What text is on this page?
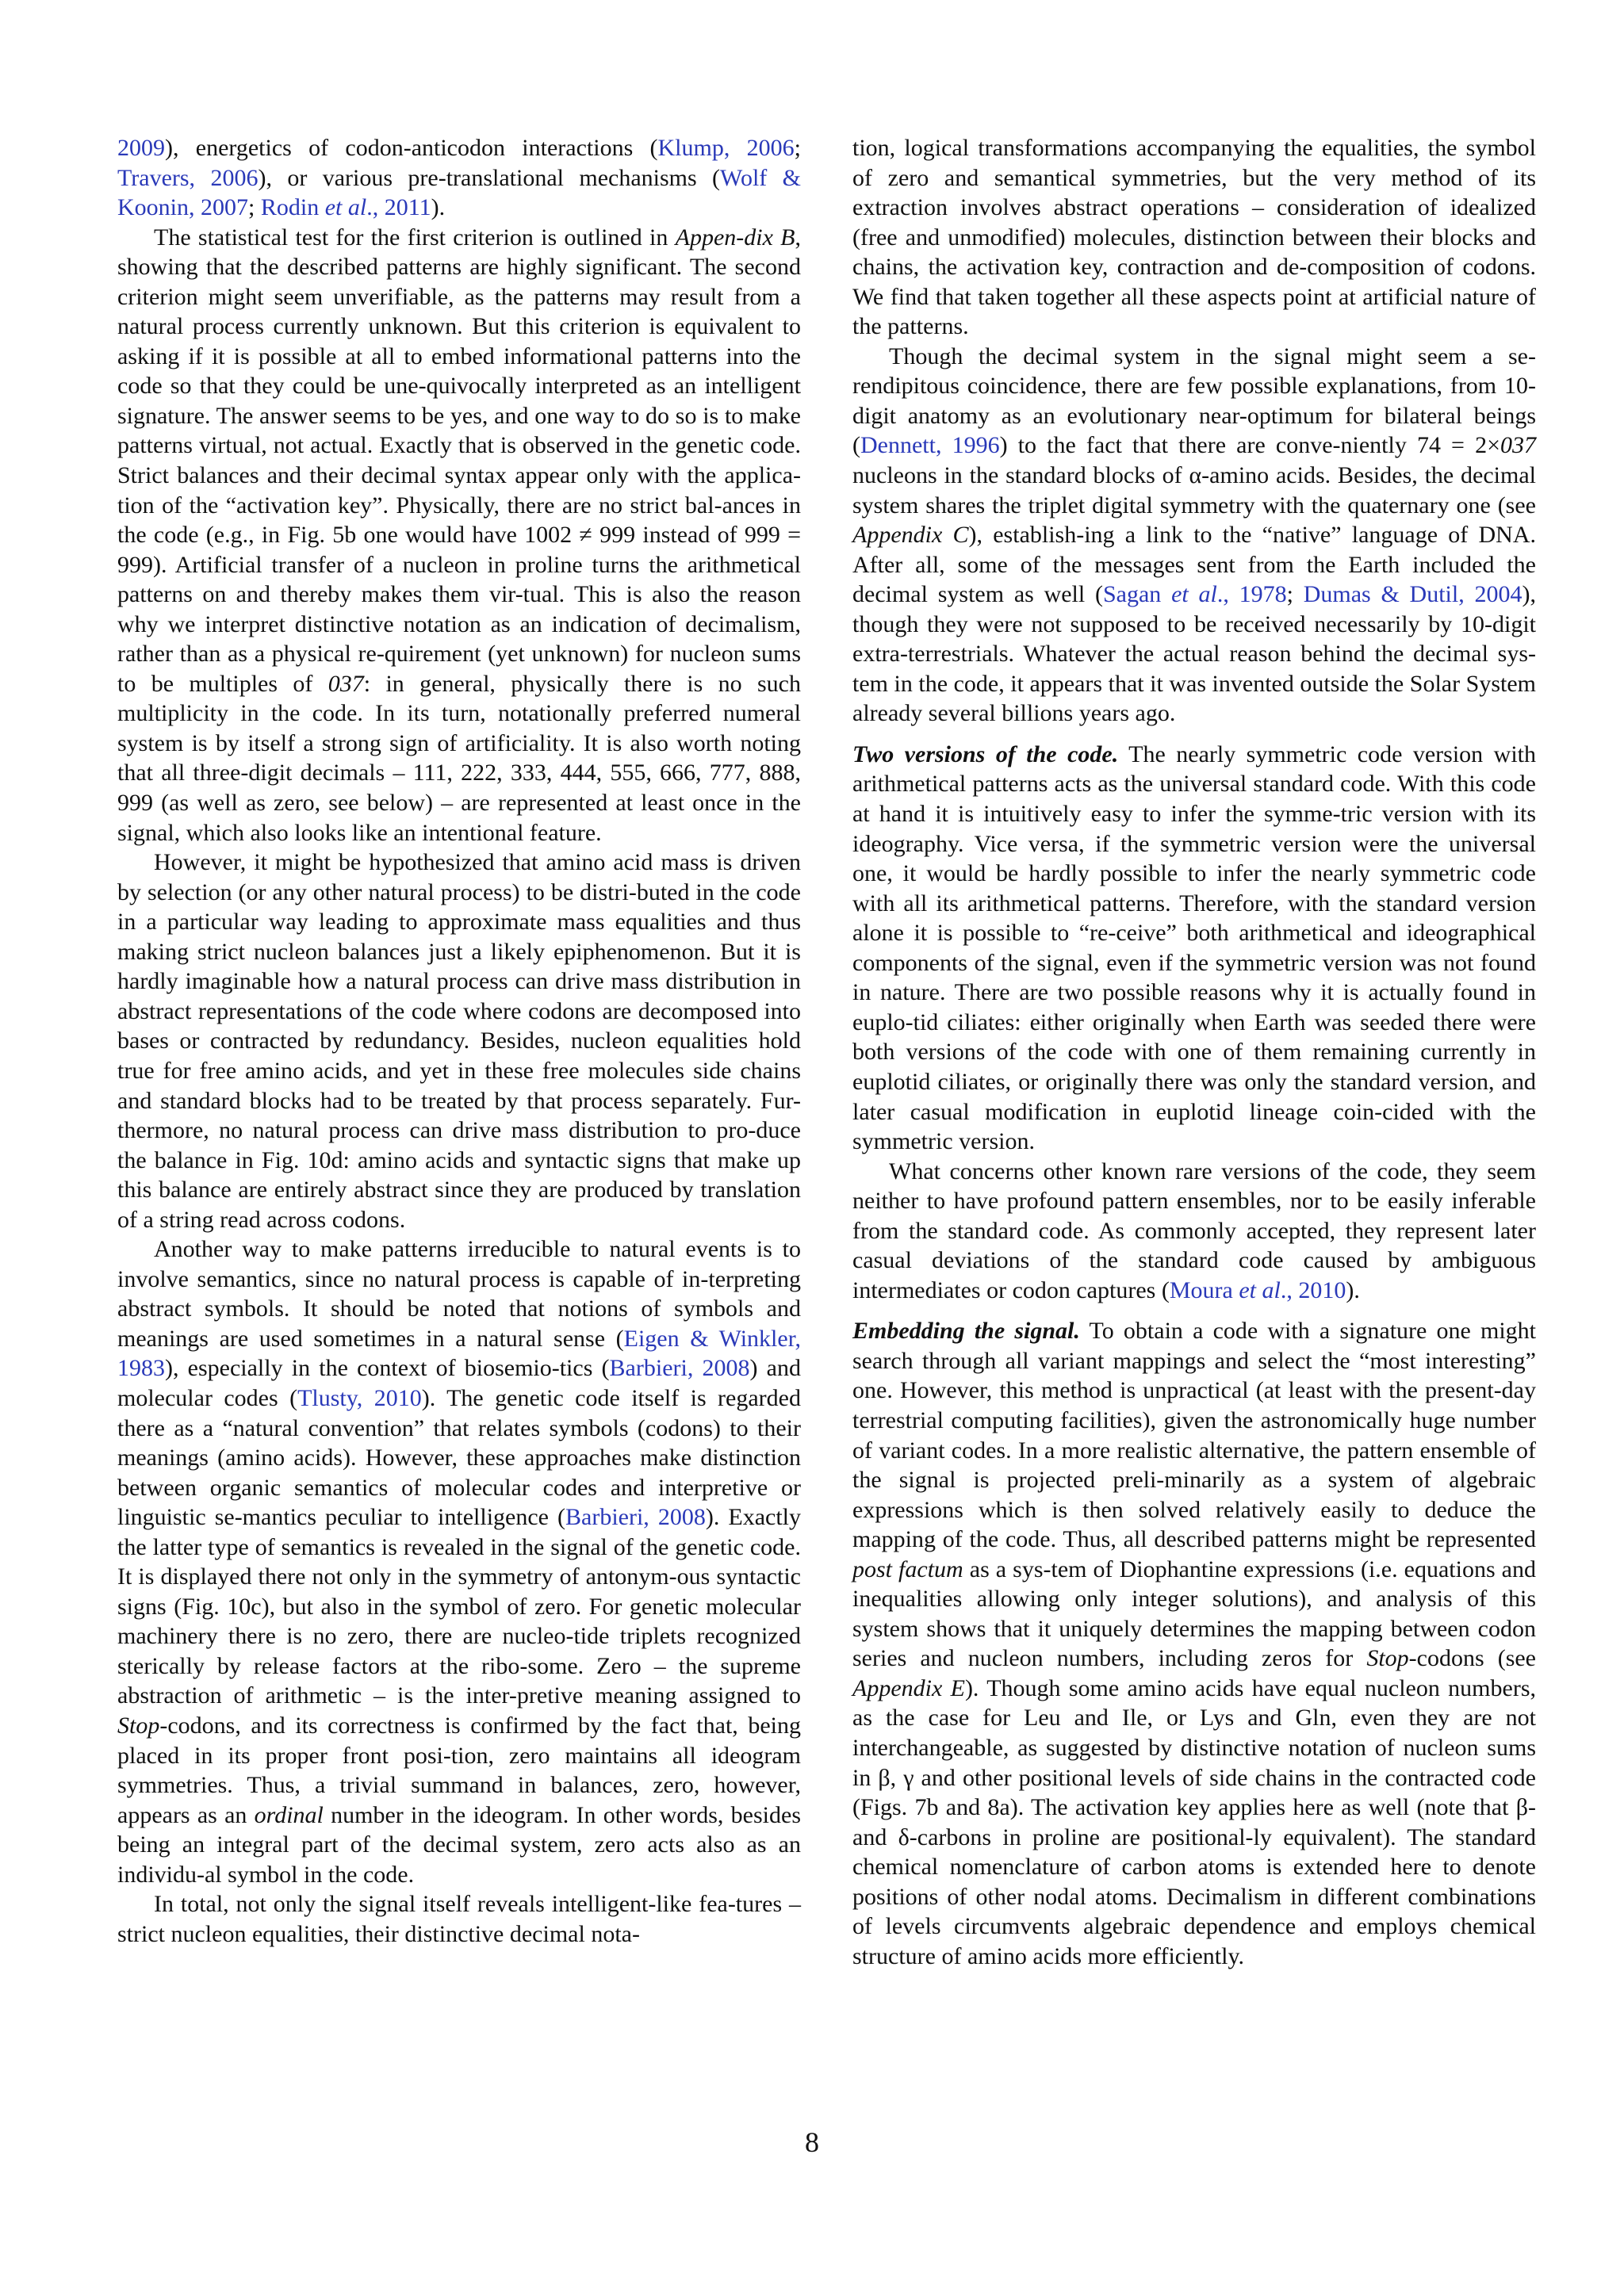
2009), energetics of codon-anticodon interactions (Klump, 2006; Travers, 2006), or various pre-translational mechanisms (Wolf & Koonin, 2007; Rodin et al., 2011).

The statistical test for the first criterion is outlined in Appen-dix B, showing that the described patterns are highly significant. The second criterion might seem unverifiable, as the patterns may result from a natural process currently unknown. But this criterion is equivalent to asking if it is possible at all to embed informational patterns into the code so that they could be une-quivocally interpreted as an intelligent signature. The answer seems to be yes, and one way to do so is to make patterns virtual, not actual. Exactly that is observed in the genetic code. Strict balances and their decimal syntax appear only with the applica-tion of the “activation key”. Physically, there are no strict bal-ances in the code (e.g., in Fig. 5b one would have 1002 ≠ 999 instead of 999 = 999). Artificial transfer of a nucleon in proline turns the arithmetical patterns on and thereby makes them vir-tual. This is also the reason why we interpret distinctive notation as an indication of decimalism, rather than as a physical re-quirement (yet unknown) for nucleon sums to be multiples of 037: in general, physically there is no such multiplicity in the code. In its turn, notationally preferred numeral system is by itself a strong sign of artificiality. It is also worth noting that all three-digit decimals – 111, 222, 333, 444, 555, 666, 777, 888, 999 (as well as zero, see below) – are represented at least once in the signal, which also looks like an intentional feature.

However, it might be hypothesized that amino acid mass is driven by selection (or any other natural process) to be distri-buted in the code in a particular way leading to approximate mass equalities and thus making strict nucleon balances just a likely epiphenomenon. But it is hardly imaginable how a natural process can drive mass distribution in abstract representations of the code where codons are decomposed into bases or contracted by redundancy. Besides, nucleon equalities hold true for free amino acids, and yet in these free molecules side chains and standard blocks had to be treated by that process separately. Fur-thermore, no natural process can drive mass distribution to pro-duce the balance in Fig. 10d: amino acids and syntactic signs that make up this balance are entirely abstract since they are produced by translation of a string read across codons.

Another way to make patterns irreducible to natural events is to involve semantics, since no natural process is capable of in-terpreting abstract symbols. It should be noted that notions of symbols and meanings are used sometimes in a natural sense (Eigen & Winkler, 1983), especially in the context of biosemio-tics (Barbieri, 2008) and molecular codes (Tlusty, 2010). The genetic code itself is regarded there as a “natural convention” that relates symbols (codons) to their meanings (amino acids). However, these approaches make distinction between organic semantics of molecular codes and interpretive or linguistic se-mantics peculiar to intelligence (Barbieri, 2008). Exactly the latter type of semantics is revealed in the signal of the genetic code. It is displayed there not only in the symmetry of antonym-ous syntactic signs (Fig. 10c), but also in the symbol of zero. For genetic molecular machinery there is no zero, there are nucleo-tide triplets recognized sterically by release factors at the ribo-some. Zero – the supreme abstraction of arithmetic – is the inter-pretive meaning assigned to Stop-codons, and its correctness is confirmed by the fact that, being placed in its proper front posi-tion, zero maintains all ideogram symmetries. Thus, a trivial summand in balances, zero, however, appears as an ordinal number in the ideogram. In other words, besides being an integral part of the decimal system, zero acts also as an individu-al symbol in the code.

In total, not only the signal itself reveals intelligent-like fea-tures – strict nucleon equalities, their distinctive decimal nota-

tion, logical transformations accompanying the equalities, the symbol of zero and semantical symmetries, but the very method of its extraction involves abstract operations – consideration of idealized (free and unmodified) molecules, distinction between their blocks and chains, the activation key, contraction and de-composition of codons. We find that taken together all these aspects point at artificial nature of the patterns.

Though the decimal system in the signal might seem a se-rendipitous coincidence, there are few possible explanations, from 10-digit anatomy as an evolutionary near-optimum for bilateral beings (Dennett, 1996) to the fact that there are conve-niently 74 = 2×037 nucleons in the standard blocks of α-amino acids. Besides, the decimal system shares the triplet digital symmetry with the quaternary one (see Appendix C), establish-ing a link to the “native” language of DNA. After all, some of the messages sent from the Earth included the decimal system as well (Sagan et al., 1978; Dumas & Dutil, 2004), though they were not supposed to be received necessarily by 10-digit extra-terrestrials. Whatever the actual reason behind the decimal sys-tem in the code, it appears that it was invented outside the Solar System already several billions years ago.

Two versions of the code. The nearly symmetric code version with arithmetical patterns acts as the universal standard code. With this code at hand it is intuitively easy to infer the symme-tric version with its ideography. Vice versa, if the symmetric version were the universal one, it would be hardly possible to infer the nearly symmetric code with all its arithmetical patterns. Therefore, with the standard version alone it is possible to “re-ceive” both arithmetical and ideographical components of the signal, even if the symmetric version was not found in nature. There are two possible reasons why it is actually found in euplo-tid ciliates: either originally when Earth was seeded there were both versions of the code with one of them remaining currently in euplotid ciliates, or originally there was only the standard version, and later casual modification in euplotid lineage coin-cided with the symmetric version.

What concerns other known rare versions of the code, they seem neither to have profound pattern ensembles, nor to be easily inferable from the standard code. As commonly accepted, they represent later casual deviations of the standard code caused by ambiguous intermediates or codon captures (Moura et al., 2010).

Embedding the signal. To obtain a code with a signature one might search through all variant mappings and select the “most interesting” one. However, this method is unpractical (at least with the present-day terrestrial computing facilities), given the astronomically huge number of variant codes. In a more realistic alternative, the pattern ensemble of the signal is projected preli-minarily as a system of algebraic expressions which is then solved relatively easily to deduce the mapping of the code. Thus, all described patterns might be represented post factum as a sys-tem of Diophantine expressions (i.e. equations and inequalities allowing only integer solutions), and analysis of this system shows that it uniquely determines the mapping between codon series and nucleon numbers, including zeros for Stop-codons (see Appendix E). Though some amino acids have equal nucleon numbers, as the case for Leu and Ile, or Lys and Gln, even they are not interchangeable, as suggested by distinctive notation of nucleon sums in β, γ and other positional levels of side chains in the contracted code (Figs. 7b and 8a). The activation key applies here as well (note that β- and δ-carbons in proline are positional-ly equivalent). The standard chemical nomenclature of carbon atoms is extended here to denote positions of other nodal atoms. Decimalism in different combinations of levels circumvents algebraic dependence and employs chemical structure of amino acids more efficiently.

8
